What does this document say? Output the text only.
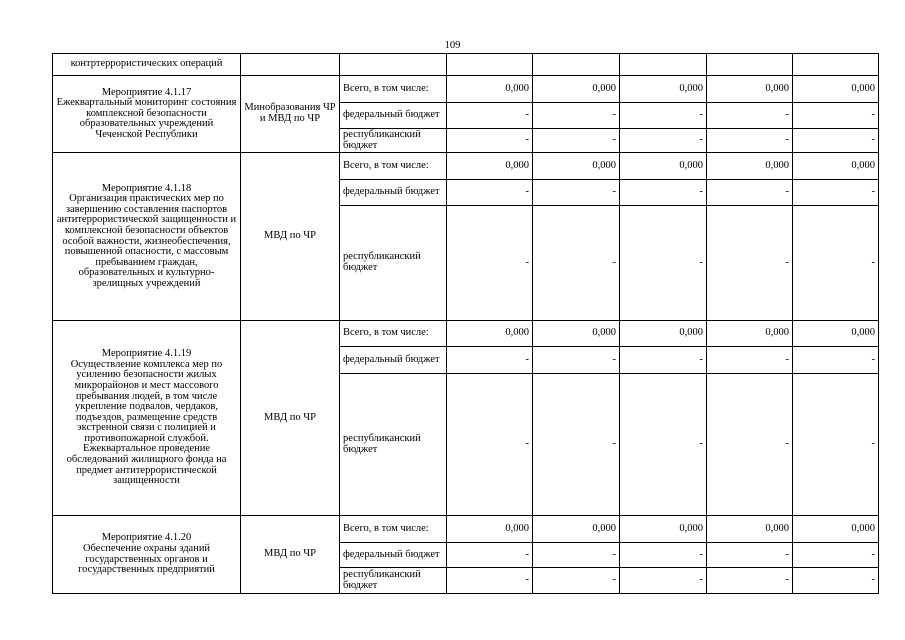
109
контртеррористических операций							

Мероприятие 4.1.17
Ежеквартальный мониторинг состояния комплексной безопасности образовательных учреждений Чеченской Республики	Минобразования ЧР и МВД по ЧР	Всего, в том числе:	0,000	0,000	0,000	0,000	0,000
		федеральный бюджет	-	-	-	-	-
		республиканский бюджет	-	-	-	-	-

Мероприятие 4.1.18
Организация практических мер по завершению составления паспортов антитеррористической защищенности и комплексной безопасности объектов особой важности, жизнеобеспечения, повышенной опасности, с массовым пребыванием граждан, образовательных и культурно-зрелищных учреждений	МВД по ЧР	Всего, в том числе:	0,000	0,000	0,000	0,000	0,000
		федеральный бюджет	-	-	-	-	-
		республиканский бюджет	-	-	-	-	-

Мероприятие 4.1.19
Осуществление комплекса мер по усилению безопасности жилых микрорайонов и мест массового пребывания людей, в том числе укрепление подвалов, чердаков, подъездов, размещение средств экстренной связи с полицией и противопожарной службой. Ежеквартальное проведение обследований жилищного фонда на предмет антитеррористической защищенности	МВД по ЧР	Всего, в том числе:	0,000	0,000	0,000	0,000	0,000
		федеральный бюджет	-	-	-	-	-
		республиканский бюджет	-	-	-	-	-

Мероприятие 4.1.20
Обеспечение охраны зданий государственных органов и государственных предприятий	МВД по ЧР	Всего, в том числе:	0,000	0,000	0,000	0,000	0,000
		федеральный бюджет	-	-	-	-	-
		республиканский бюджет	-	-	-	-	-
